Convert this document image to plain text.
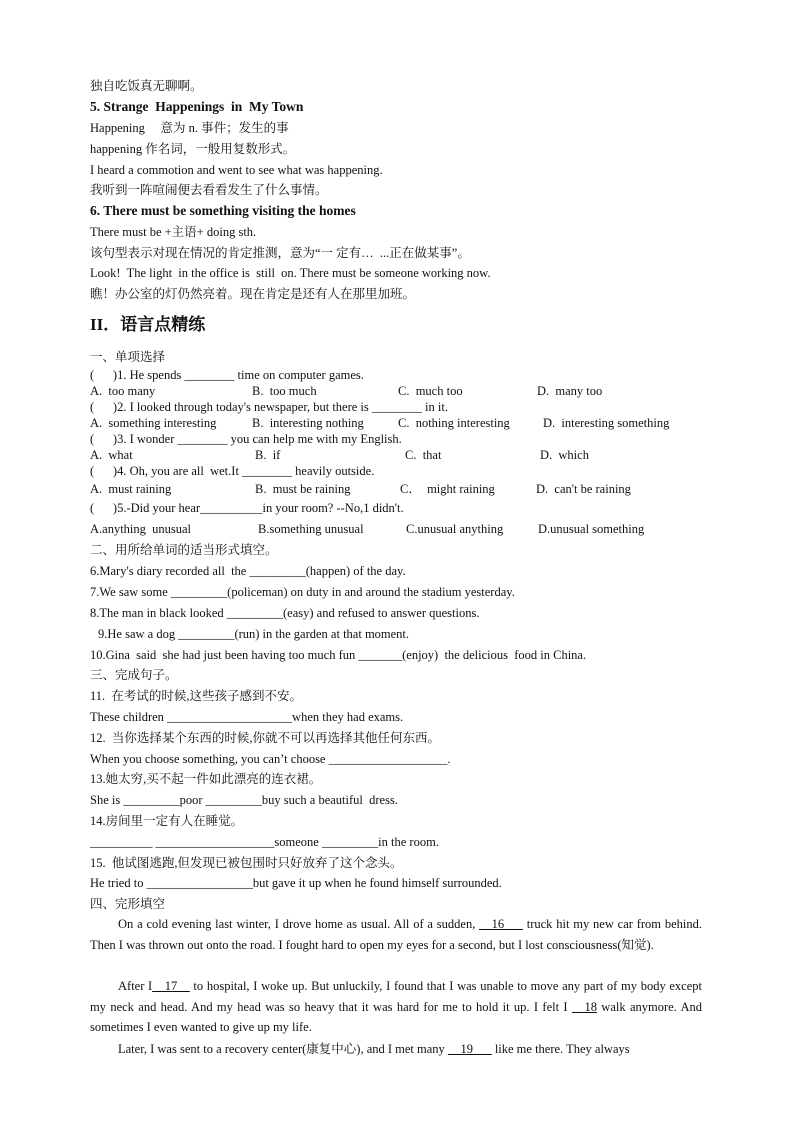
独自吃饭真无聊啊。
5. Strange  Happenings  in  My Town
Happening     意为 n. 事件；发生的事
happening 作名词，一般用复数形式。
I heard a commotion and went to see what was happening.
我听到一阵喧闹便去看看发生了什么事情。
6. There must be something visiting the homes
There must be +主语+ doing sth.
该句型表示对现在情况的肯定推测，意为“一 定有…  ...正在做某事”。
Look!  The light  in the office is  still  on. There must be someone working now.
瞧！办公室的灯仍然亮着。现在肯定是还有人在那里加班。
II．语言点精练
一、单项选择
(      )1. He spends ________ time on computer games.
A.  too many	B.  too much	C.  much too	D.  many too
(      )2. I looked through today's newspaper, but there is ________ in it.
A.  something interesting	B.  interesting nothing	C.  nothing interesting	D.  interesting something
(      )3. I wonder ________ you can help me with my English.
A.  what	B.  if	C.  that	D.  which
(      )4. Oh, you are all  wet.It ________ heavily outside.
A.  must raining	B.  must be raining	C．  might raining	D.  can't be raining
(      )5.-Did your hear__________in your room? --No,1 didn't.
A.anything  unusual	B.something unusual	C.unusual anything	D.unusual something
二、用所给单词的适当形式填空。
6.Mary's diary recorded all  the _________(happen) of the day.
7.We saw some _________(policeman) on duty in and around the stadium yesterday.
8.The man in black looked _________(easy) and refused to answer questions.
9.He saw a dog _________(run) in the garden at that moment.
10.Gina  said  she had just been having too much fun _______(enjoy)  the delicious  food in China.
三、完成句子。
11.  在考试的时候,这些孩子感到不安。
These children ____________________when they had exams.
12.  当你选择某个东西的时候,你就不可以再选择其他任何东西。
When you choose something, you can’t choose ___________________.
13.她太穷,买不起一件如此漂亮的连衣裙。
She is _________poor _________buy such a beautiful  dress.
14.房间里一定有人在睡觉。
__________ ___________________someone _________in the room.
15.  他试图逃跑,但发现已被包围时只好放弃了这个念头。
He tried to _________________but gave it up when he found himself surrounded.
四、完形填空
On a cold evening last winter, I drove home as usual. All of a sudden, __16___ truck hit my new car from behind. Then I was thrown out onto the road. I fought hard to open my eyes for a second, but I lost consciousness(知觉).
After I__17__ to hospital, I woke up. But unluckily, I found that I was unable to move any part of my body except my neck and head. And my head was so heavy that it was hard for me to hold it up. I felt I __18 walk anymore. And sometimes I even wanted to give up my life.
Later, I was sent to a recovery center(康复中心), and I met many __19___ like me there. They always
